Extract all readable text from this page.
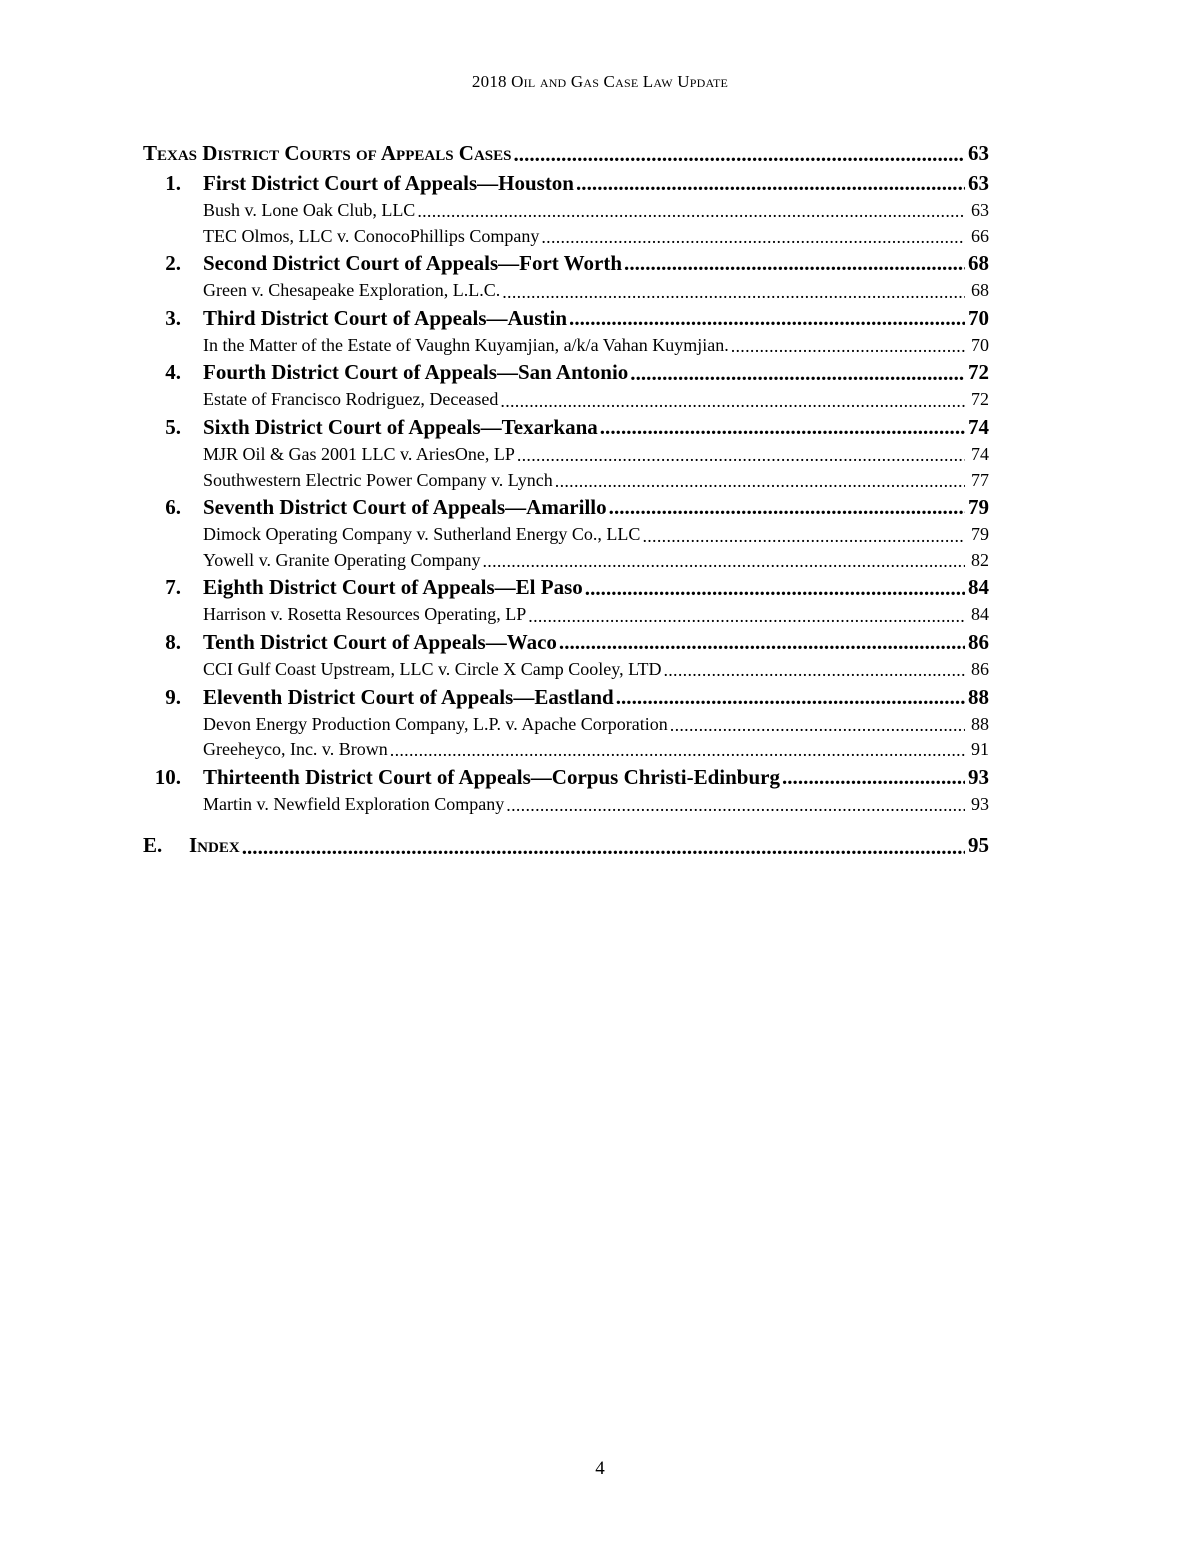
2018 Oil and Gas Case Law Update
Texas District Courts of Appeals Cases . . .	63
1.	First District Court of Appeals—Houston . . .	63
Bush v. Lone Oak Club, LLC . . .	63
TEC Olmos, LLC v. ConocoPhillips Company . . .	66
2.	Second District Court of Appeals—Fort Worth . . .	68
Green v. Chesapeake Exploration, L.L.C. . . .	68
3.	Third District Court of Appeals—Austin . . .	70
In the Matter of the Estate of Vaughn Kuyamjian, a/k/a Vahan Kuymjian. . . .	70
4.	Fourth District Court of Appeals—San Antonio . . .	72
Estate of Francisco Rodriguez, Deceased . . .	72
5.	Sixth District Court of Appeals—Texarkana . . .	74
MJR Oil & Gas 2001 LLC v. AriesOne, LP . . .	74
Southwestern Electric Power Company v. Lynch . . .	77
6.	Seventh District Court of Appeals—Amarillo . . .	79
Dimock Operating Company v. Sutherland Energy Co., LLC . . .	79
Yowell v. Granite Operating Company . . .	82
7.	Eighth District Court of Appeals—El Paso . . .	84
Harrison v. Rosetta Resources Operating, LP . . .	84
8.	Tenth District Court of Appeals—Waco . . .	86
CCI Gulf Coast Upstream, LLC v. Circle X Camp Cooley, LTD . . .	86
9.	Eleventh District Court of Appeals—Eastland . . .	88
Devon Energy Production Company, L.P. v. Apache Corporation . . .	88
Greeheyco, Inc. v. Brown . . .	91
10.	Thirteenth District Court of Appeals—Corpus Christi-Edinburg . . .	93
Martin v. Newfield Exploration Company . . .	93
E.	Index . . .	95
4
